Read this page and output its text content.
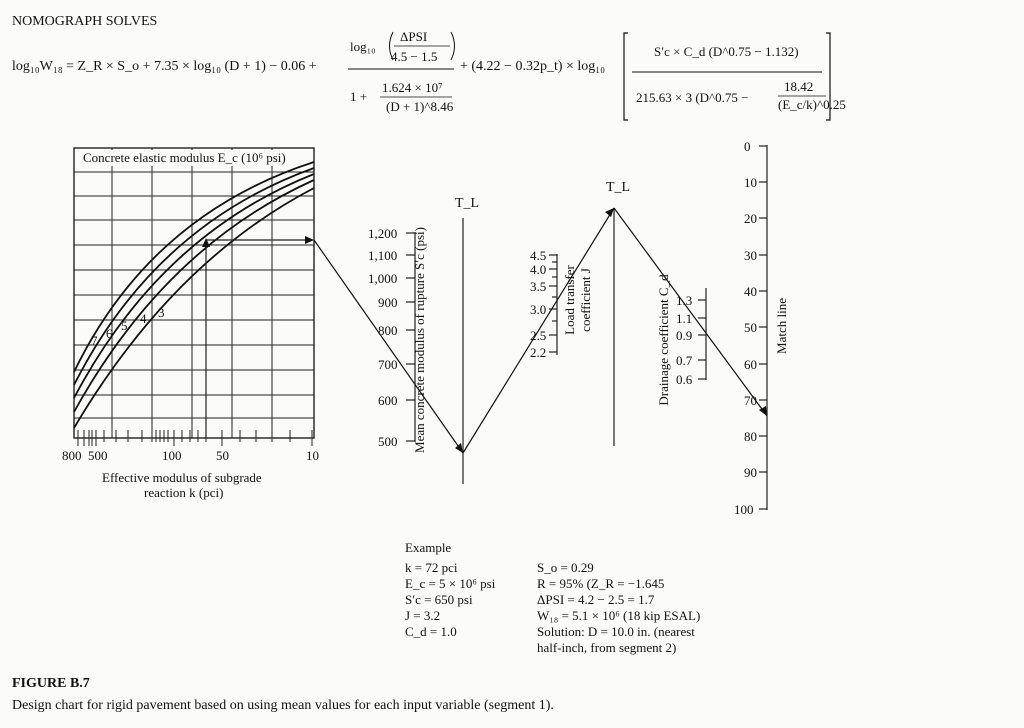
NOMOGRAPH SOLVES
log₁₀W₁₈ = Z_R × S_o + 7.35 × log₁₀ (D + 1) − 0.06 +
log₁₀
ΔPSI
4.5 − 1.5
1 +
1.624 × 10⁷
(D + 1)^8.46
+ (4.22 − 0.32p_t) × log₁₀
S′c × C_d (D^0.75 − 1.132)
215.63 × 3 (D^0.75 −
18.42
(E_c/k)^0.25
Concrete elastic modulus E_c (10⁶ psi)
7 6
5 4 3
800 500	100	50	10
Effective modulus of subgrade
reaction k (pci)
T_L
T_L
1,200
1,100
1,000
900
800
700
600
500 Mean concrete modulus of rupture S′c (psi)	4.5
4.0
3.5
3.0
2.5
2.2
Load transfer coefficient J	1.3
1.1
0.9
0.7
0.6
Drainage coefficient C_d
0
10
20
30
40
50
60
70
80
90
100
Match line
Example
k = 72 pci
E_c = 5 × 10⁶ psi
S′c = 650 psi
J = 3.2
C_d = 1.0
S_o = 0.29
R = 95% (Z_R = −1.645
ΔPSI = 4.2 − 2.5 = 1.7
W₁₈ = 5.1 × 10⁶ (18 kip ESAL)
Solution: D = 10.0 in. (nearest
half-inch, from segment 2)
FIGURE B.7
Design chart for rigid pavement based on using mean values for each input variable (segment 1).
